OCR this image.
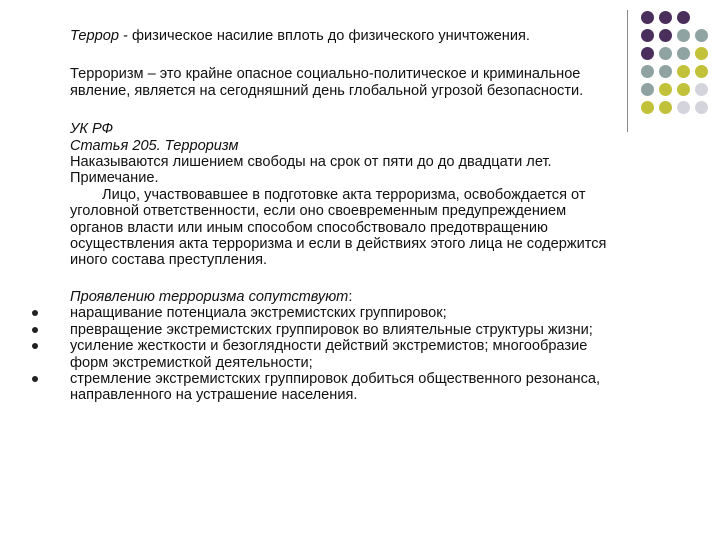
Террор - физическое насилие вплоть до физического уничтожения.

Терроризм – это крайне опасное социально-политическое и криминальное явление, является на сегодняшний день глобальной угрозой безопасности.

УК РФ
Статья 205. Терроризм
Наказываются лишением свободы на срок от пяти до до двадцати лет.
Примечание.
Лицо, участвовавшее в подготовке акта терроризма, освобождается от уголовной ответственности, если оно своевременным предупреждением органов власти или иным способом способствовало предотвращению осуществления акта терроризма и если в действиях этого лица не содержится иного состава преступления.
Проявлению терроризма сопутствуют:
наращивание потенциала экстремистских группировок;
превращение экстремистских группировок во влиятельные структуры жизни;
усиление жесткости и безоглядности действий экстремистов; многообразие форм экстремисткой деятельности;
стремление экстремистских группировок добиться общественного резонанса, направленного на устрашение населения.
